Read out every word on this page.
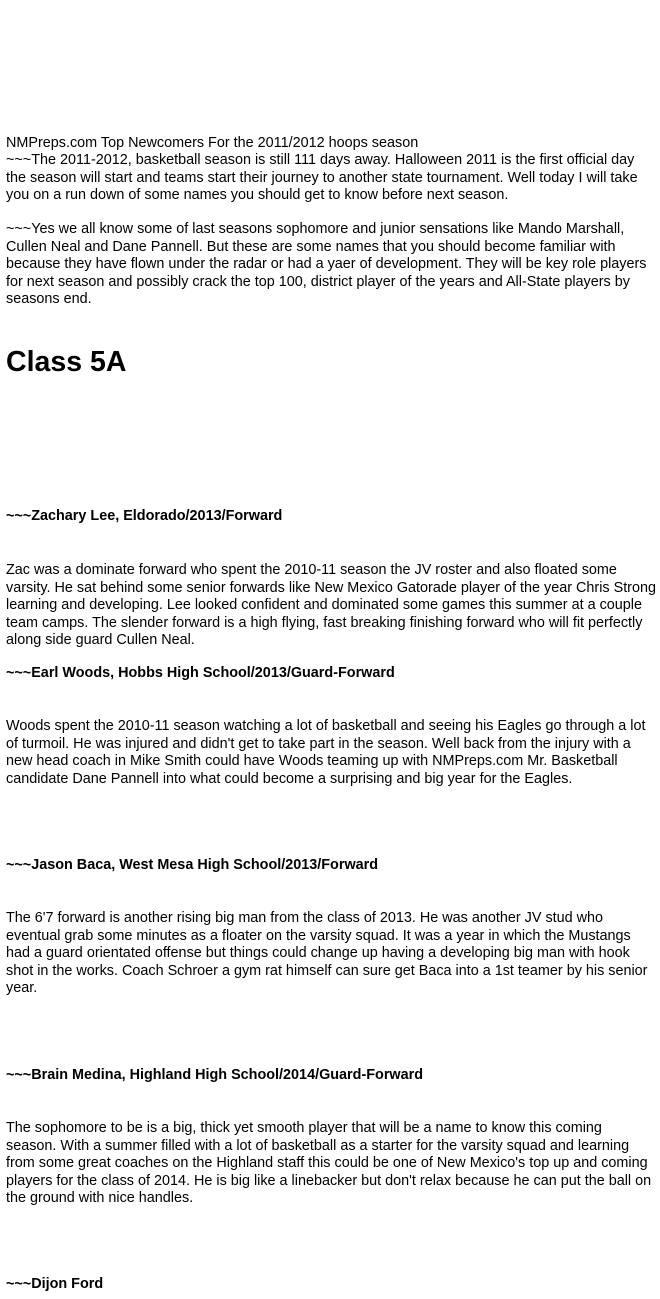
NMPreps.com Top Newcomers For the 2011/2012 hoops season

~~~The 2011-2012, basketball season is still 111 days away. Halloween 2011 is the first official day the season will start and teams start their journey to another state tournament. Well today I will take you on a run down of some names you should get to know before next season.

~~~Yes we all know some of last seasons sophomore and junior sensations like Mando Marshall, Cullen Neal and Dane Pannell. But these are some names that you should become familiar with because they have flown under the radar or had a yaer of development. They will be key role players for next season and possibly crack the top 100, district player of the years and All-State players by seasons end.

Class 5A
~~~Zachary Lee, Eldorado/2013/Forward

Zac was a dominate forward who spent the 2010-11 season the JV roster and also floated some varsity. He sat behind some senior forwards like New Mexico Gatorade player of the year Chris Strong learning and developing. Lee looked confident and dominated some games this summer at a couple team camps. The slender forward is a high flying, fast breaking finishing forward who will fit perfectly along side guard Cullen Neal.

~~~Earl Woods, Hobbs High School/2013/Guard-Forward

Woods spent the 2010-11 season watching a lot of basketball and seeing his Eagles go through a lot of turmoil. He was injured and didn't get to take part in the season. Well back from the injury with a new head coach in Mike Smith could have Woods teaming up with NMPreps.com Mr. Basketball candidate Dane Pannell into what could become a surprising and big year for the Eagles.

~~~Jason Baca, West Mesa High School/2013/Forward

The 6'7 forward is another rising big man from the class of 2013. He was another JV stud who eventual grab some minutes as a floater on the varsity squad. It was a year in which the Mustangs had a guard orientated offense but things could change up having a developing big man with hook shot in the works. Coach Schroer a gym rat himself can sure get Baca into a 1st teamer by his senior year.

~~~Brain Medina, Highland High School/2014/Guard-Forward

The sophomore to be is a big, thick yet smooth player that will be a name to know this coming season. With a summer filled with a lot of basketball as a starter for the varsity squad and learning from some great coaches on the Highland staff this could be one of New Mexico's top up and coming players for the class of 2014. He is big like a linebacker but don't relax because he can put the ball on the ground with nice handles.

~~~Dijon Ford
